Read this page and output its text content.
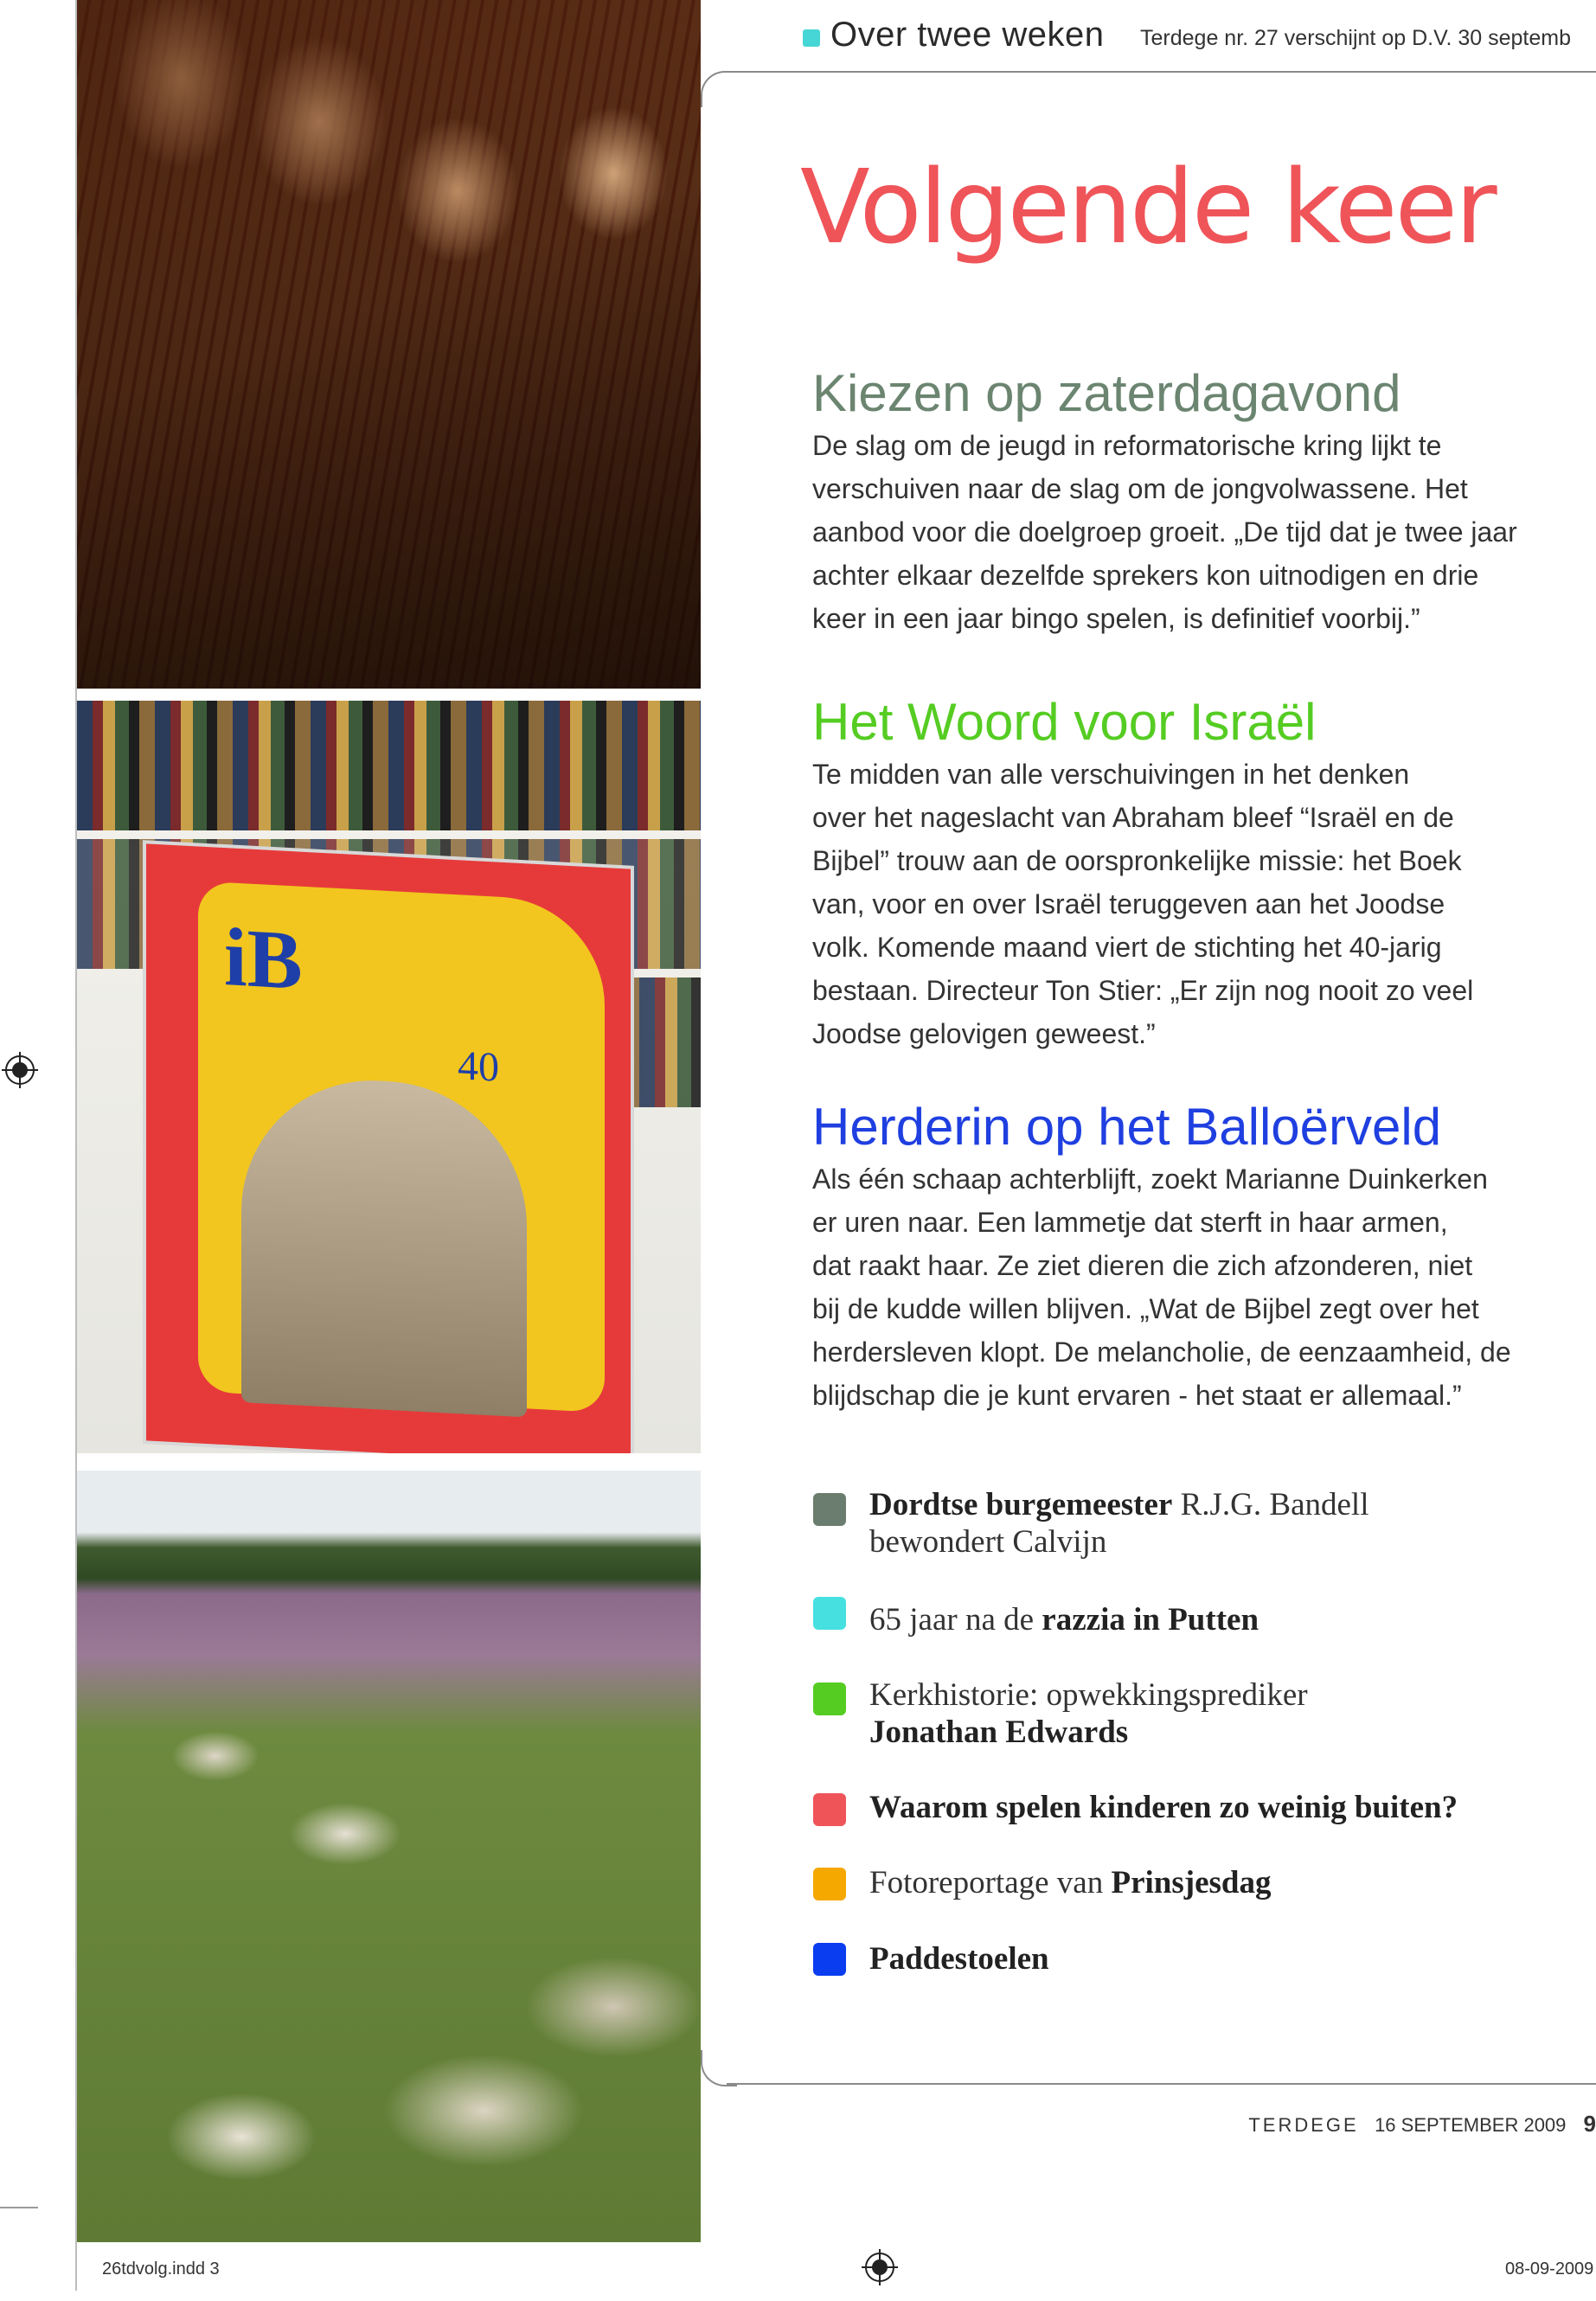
iB
40
Over twee weken Terdege nr. 27 verschijnt op D.V. 30 septemb
Volgende keer
Kiezen op zaterdagavond
De slag om de jeugd in reformatorische kring lijkt te
verschuiven naar de slag om de jongvolwassene. Het
aanbod voor die doelgroep groeit. „De tijd dat je twee jaar
achter elkaar dezelfde sprekers kon uitnodigen en drie
keer in een jaar bingo spelen, is definitief voorbij.”
Het Woord voor Israël
Te midden van alle verschuivingen in het denken
over het nageslacht van Abraham bleef “Israël en de
Bijbel” trouw aan de oorspronkelijke missie: het Boek
van, voor en over Israël teruggeven aan het Joodse
volk. Komende maand viert de stichting het 40-jarig
bestaan. Directeur Ton Stier: „Er zijn nog nooit zo veel
Joodse gelovigen geweest.”
Herderin op het Balloërveld
Als één schaap achterblijft, zoekt Marianne Duinkerken
er uren naar. Een lammetje dat sterft in haar armen,
dat raakt haar. Ze ziet dieren die zich afzonderen, niet
bij de kudde willen blijven. „Wat de Bijbel zegt over het
herdersleven klopt. De melancholie, de eenzaamheid, de
blijdschap die je kunt ervaren - het staat er allemaal.”
Dordtse burgemeester R.J.G. Bandell
bewondert Calvijn
65 jaar na de razzia in Putten
Kerkhistorie: opwekkingsprediker
Jonathan Edwards
Waarom spelen kinderen zo weinig buiten?
Fotoreportage van Prinsjesdag
Paddestoelen
TERDEGE 16 SEPTEMBER 2009 9
26tdvolg.indd 3	08-09-2009
